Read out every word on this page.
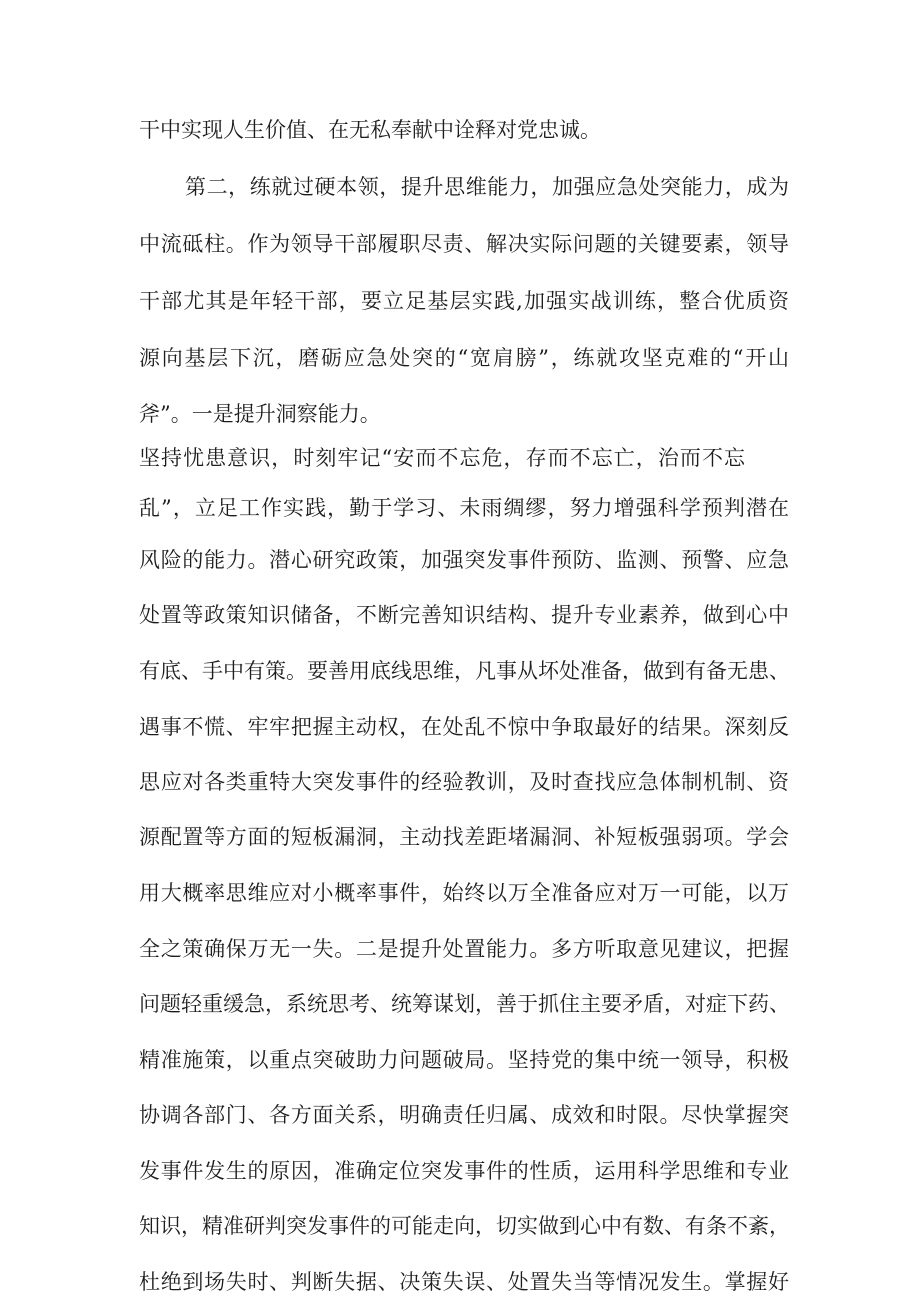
干中实现人生价值、在无私奉献中诠释对党忠诚。

第二，练就过硬本领，提升思维能力，加强应急处突能力，成为

中流砥柱。作为领导干部履职尽责、解决实际问题的关键要素，领导

干部尤其是年轻干部，要立足基层实践,加强实战训练，整合优质资

源向基层下沉，磨砺应急处突的“宽肩膀”，练就攻坚克难的“开山

斧”。一是提升洞察能力。

坚持忧患意识，时刻牢记“安而不忘危，存而不忘亡，治而不忘

乱”，立足工作实践，勤于学习、未雨绸缪，努力增强科学预判潜在

风险的能力。潜心研究政策，加强突发事件预防、监测、预警、应急

处置等政策知识储备，不断完善知识结构、提升专业素养，做到心中

有底、手中有策。要善用底线思维，凡事从坏处准备，做到有备无患、

遇事不慌、牢牢把握主动权，在处乱不惊中争取最好的结果。深刻反

思应对各类重特大突发事件的经验教训，及时查找应急体制机制、资

源配置等方面的短板漏洞，主动找差距堵漏洞、补短板强弱项。学会

用大概率思维应对小概率事件，始终以万全准备应对万一可能，以万

全之策确保万无一失。二是提升处置能力。多方听取意见建议，把握

问题轻重缓急，系统思考、统筹谋划，善于抓住主要矛盾，对症下药、

精准施策，以重点突破助力问题破局。坚持党的集中统一领导，积极

协调各部门、各方面关系，明确责任归属、成效和时限。尽快掌握突

发事件发生的原因，准确定位突发事件的性质，运用科学思维和专业

知识，精准研判突发事件的可能走向，切实做到心中有数、有条不紊，

杜绝到场失时、判断失据、决策失误、处置失当等情况发生。掌握好
